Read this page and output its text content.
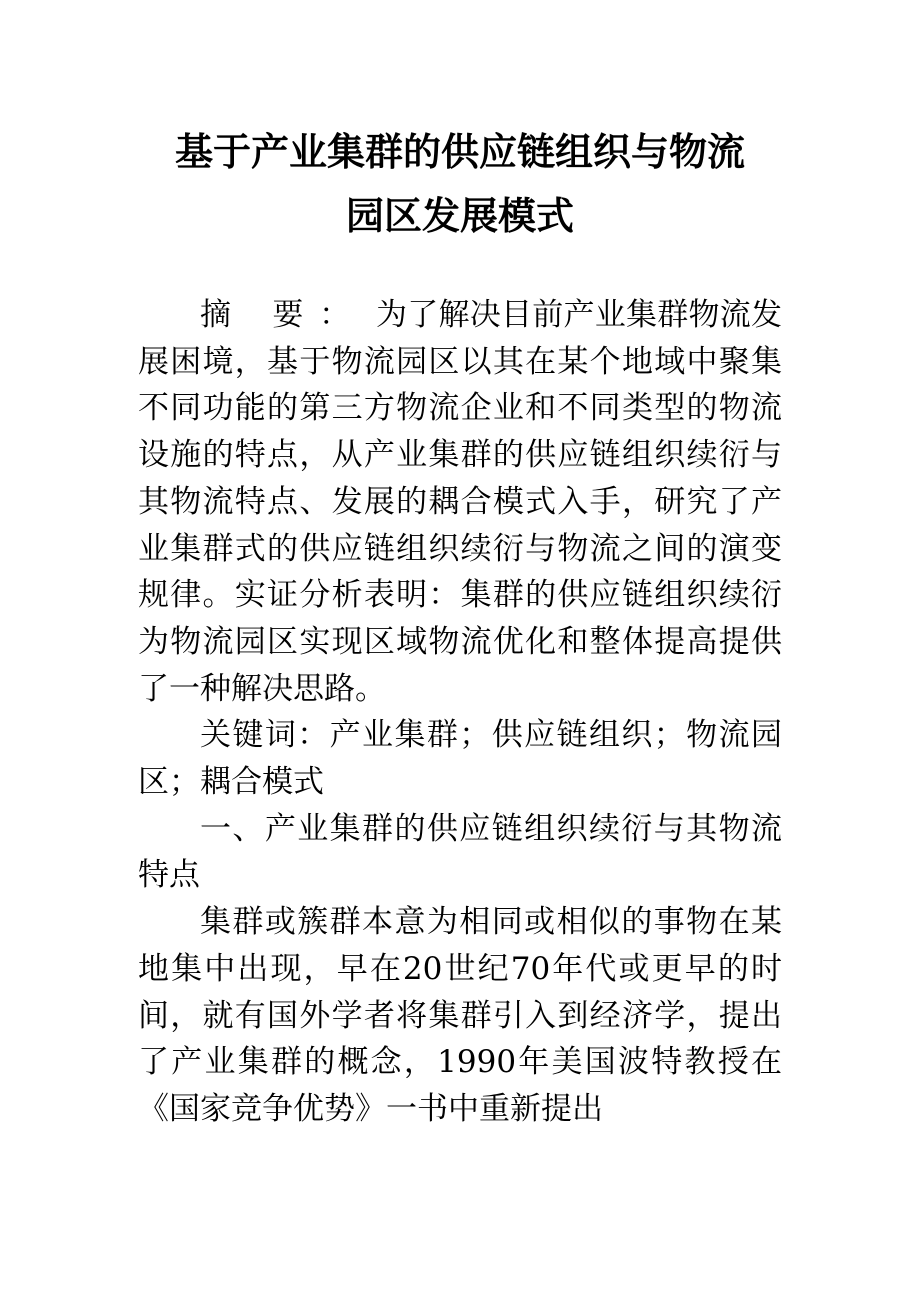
基于产业集群的供应链组织与物流
园区发展模式

摘 要： 为了解决目前产业集群物流发展困境，基于物流园区以其在某个地域中聚集不同功能的第三方物流企业和不同类型的物流设施的特点，从产业集群的供应链组织续衍与其物流特点、发展的耦合模式入手，研究了产业集群式的供应链组织续衍与物流之间的演变规律。实证分析表明：集群的供应链组织续衍为物流园区实现区域物流优化和整体提高提供了一种解决思路。

关键词：产业集群；供应链组织；物流园区；耦合模式

一、产业集群的供应链组织续衍与其物流特点

集群或簇群本意为相同或相似的事物在某地集中出现，早在20世纪70年代或更早的时间，就有国外学者将集群引入到经济学，提出了产业集群的概念，1990年美国波特教授在《国家竞争优势》一书中重新提出
